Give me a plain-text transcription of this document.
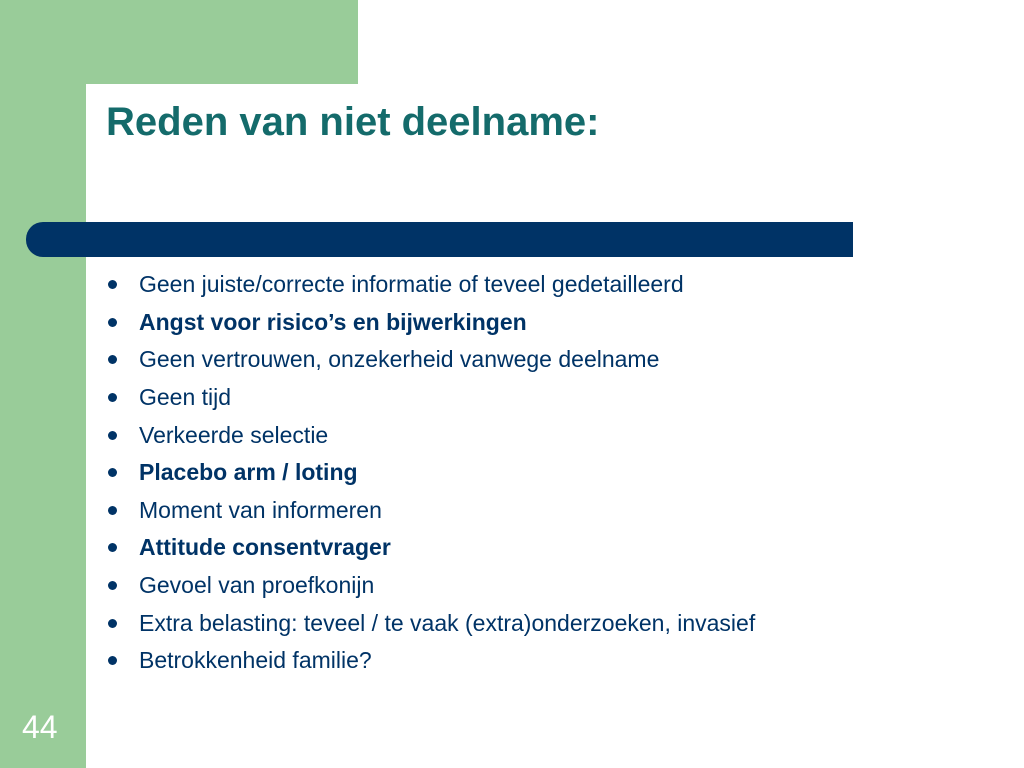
Reden van niet deelname:
Geen juiste/correcte informatie of teveel gedetailleerd
Angst voor risico’s en bijwerkingen
Geen vertrouwen, onzekerheid vanwege deelname
Geen tijd
Verkeerde selectie
Placebo arm / loting
Moment van informeren
Attitude consentvrager
Gevoel van proefkonijn
Extra belasting: teveel / te vaak (extra)onderzoeken, invasief
Betrokkenheid familie?
44
